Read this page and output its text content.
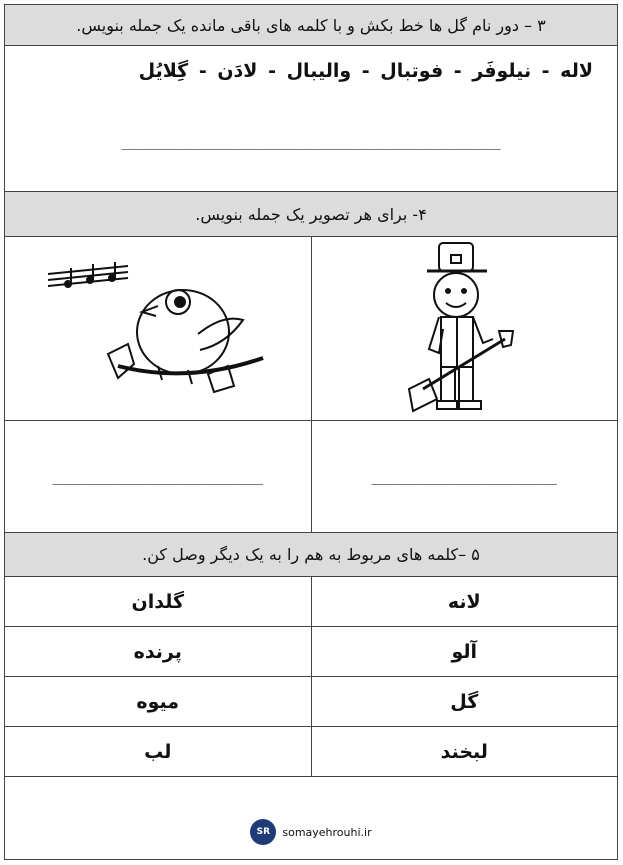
۳ – دور نام گل ها خط بکش و با کلمه های باقی مانده یک جمله بنویس.
لاله - نیلوفَر - فوتبال - والیبال - لادَن - گِلایُل
_____________________________________________
۴- برای هر تصویر یک جمله بنویس.
______________________
_________________________
۵ –کلمه های مربوط به هم را به یک دیگر وصل کن.
لانه
گلدان
آلو
پرنده
گل
میوه
لبخند
لب
SR	somayehrouhi.ir
